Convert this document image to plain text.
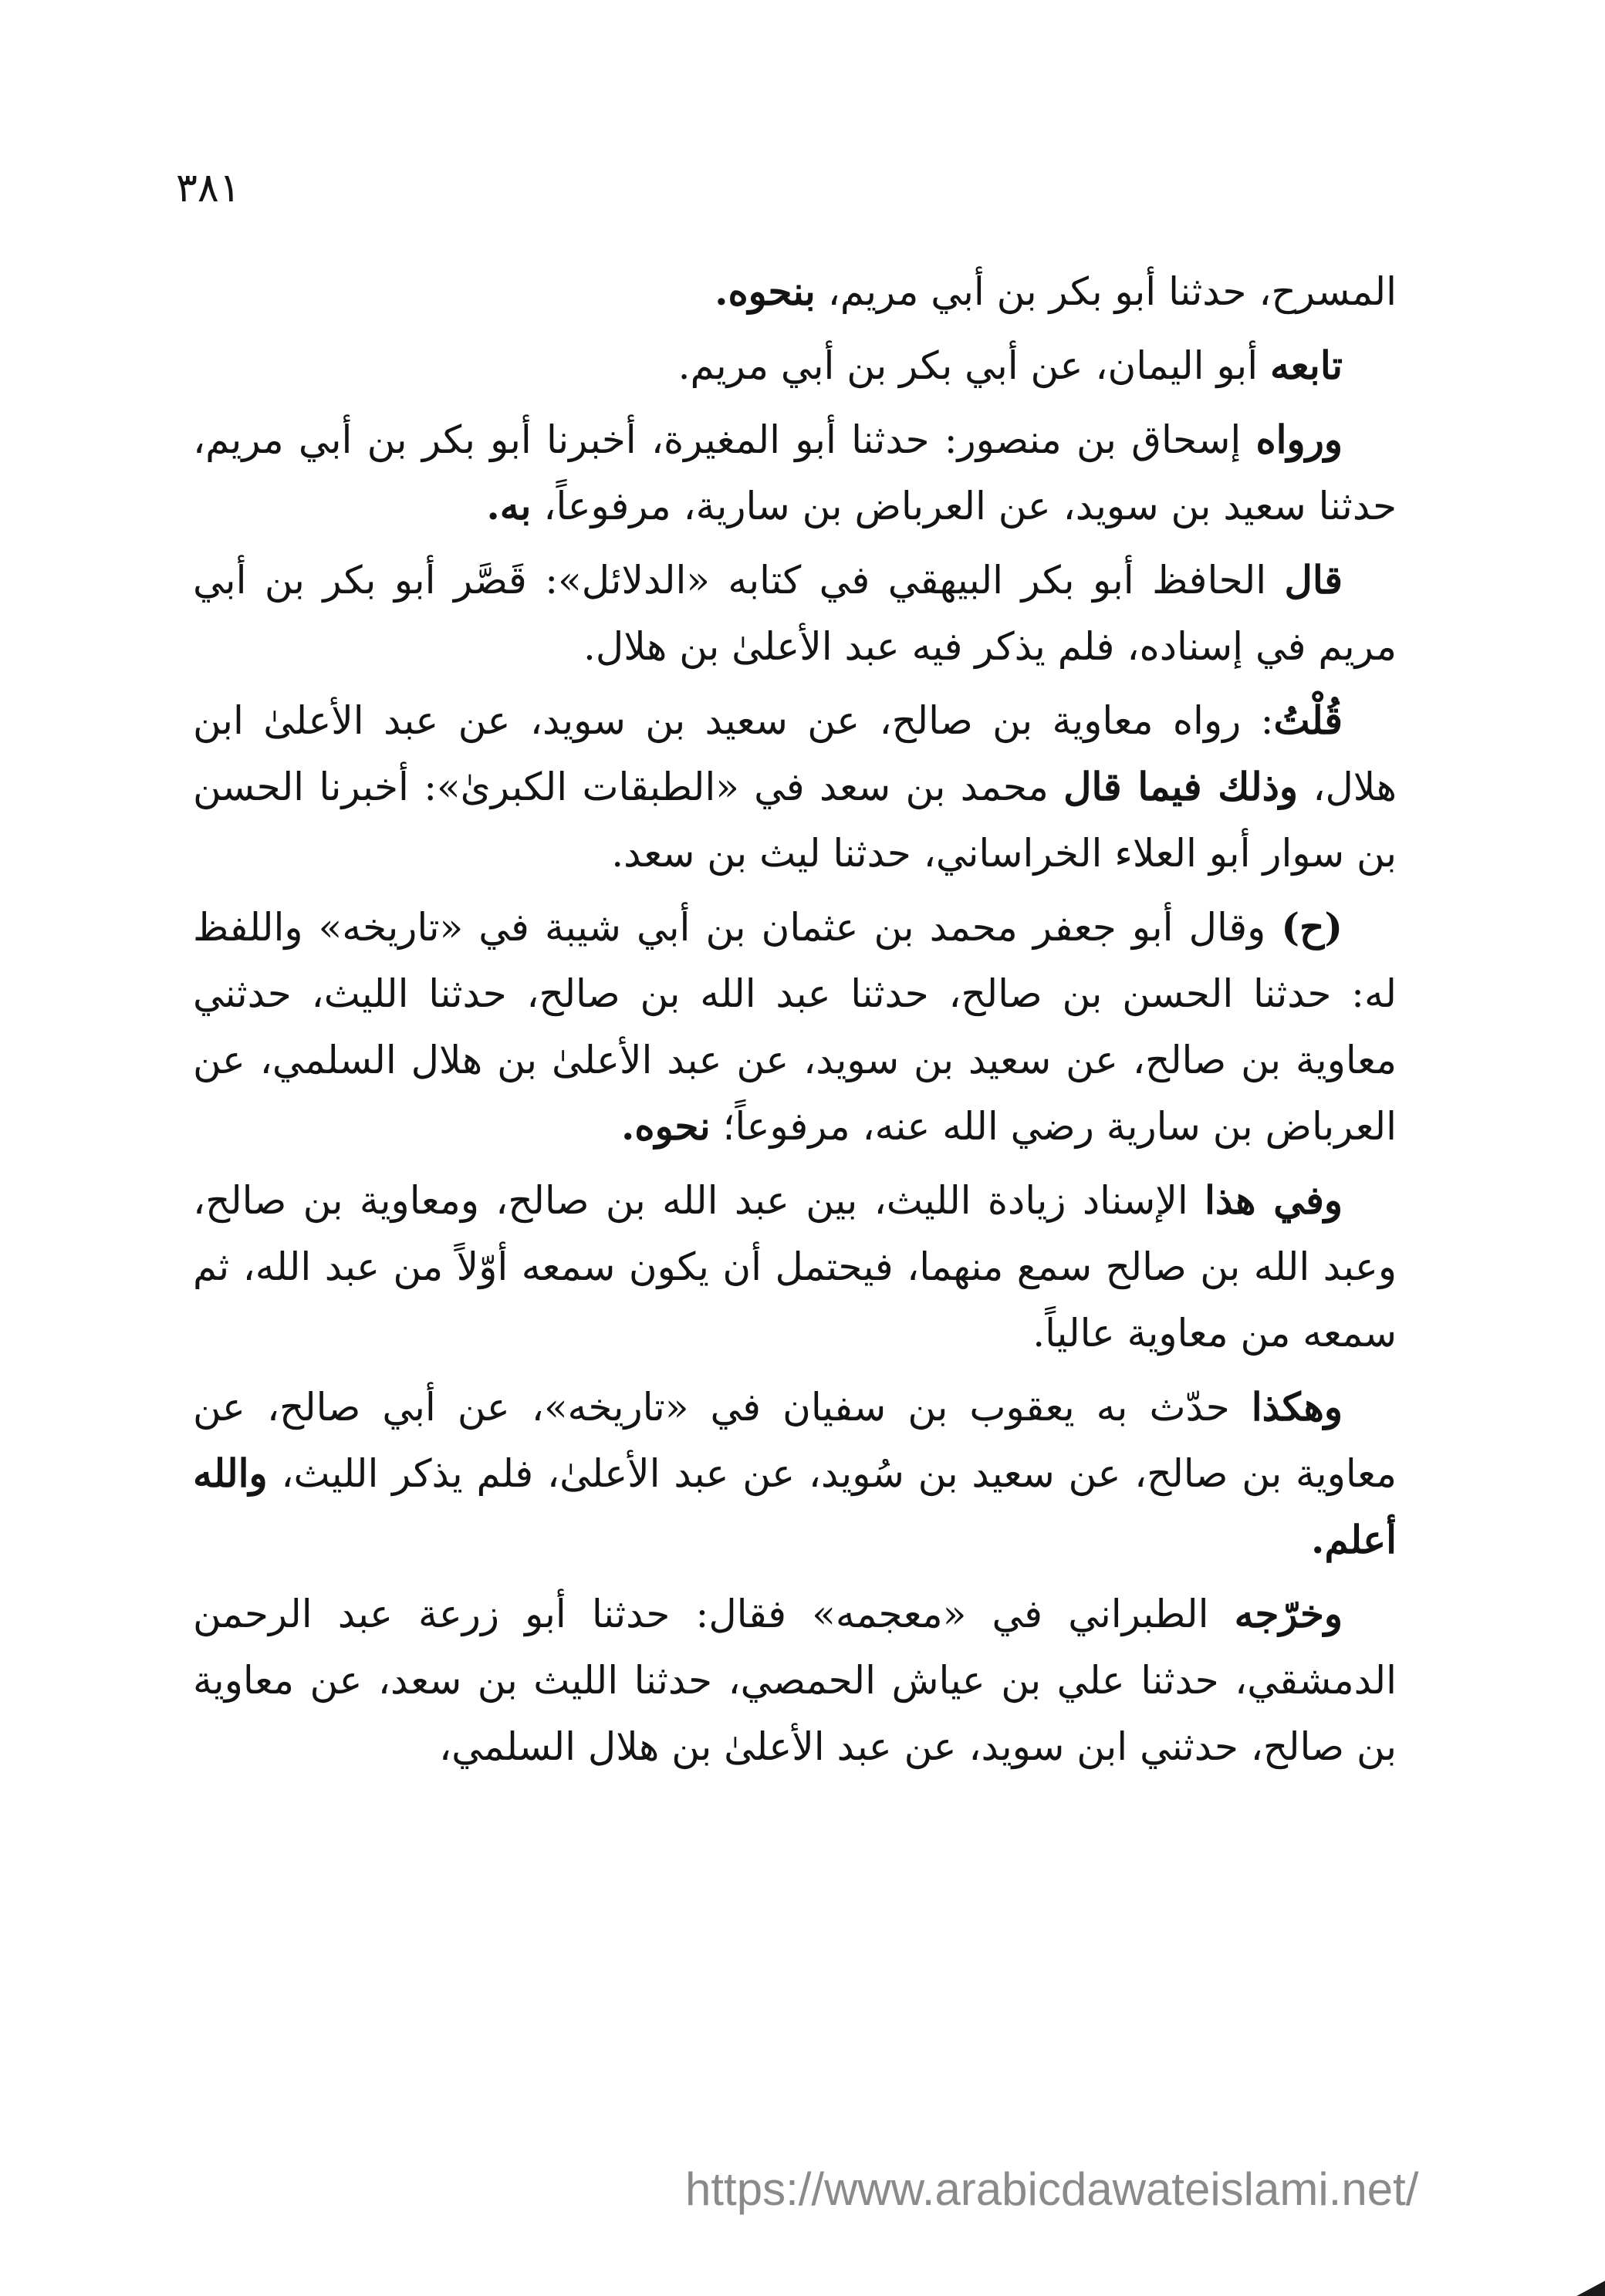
٣٨١

المسرح، حدثنا أبو بكر بن أبي مريم، بنحوه.

تابعه أبو اليمان، عن أبي بكر بن أبي مريم.

ورواه إسحاق بن منصور: حدثنا أبو المغيرة، أخبرنا أبو بكر بن أبي مريم، حدثنا سعيد بن سويد، عن العرباض بن سارية، مرفوعاً، به.

قال الحافظ أبو بكر البيهقي في كتابه «الدلائل»: قَصَّر أبو بكر بن أبي مريم في إسناده، فلم يذكر فيه عبد الأعلىٰ بن هلال.

قُلْتُ: رواه معاوية بن صالح، عن سعيد بن سويد، عن عبد الأعلىٰ ابن هلال، وذلك فيما قال محمد بن سعد في «الطبقات الكبرىٰ»: أخبرنا الحسن بن سوار أبو العلاء الخراساني، حدثنا ليث بن سعد.

(ح) وقال أبو جعفر محمد بن عثمان بن أبي شيبة في «تاريخه» واللفظ له: حدثنا الحسن بن صالح، حدثنا عبد الله بن صالح، حدثنا الليث، حدثني معاوية بن صالح، عن سعيد بن سويد، عن عبد الأعلىٰ بن هلال السلمي، عن العرباض بن سارية رضي الله عنه، مرفوعاً؛ نحوه.

وفي هذا الإسناد زيادة الليث، بين عبد الله بن صالح، ومعاوية بن صالح، وعبد الله بن صالح سمع منهما، فيحتمل أن يكون سمعه أوّلاً من عبد الله، ثم سمعه من معاوية عالياً.

وهكذا حدّث به يعقوب بن سفيان في «تاريخه»، عن أبي صالح، عن معاوية بن صالح، عن سعيد بن سُويد، عن عبد الأعلىٰ، فلم يذكر الليث، والله أعلم.

وخرّجه الطبراني في «معجمه» فقال: حدثنا أبو زرعة عبد الرحمن الدمشقي، حدثنا علي بن عياش الحمصي، حدثنا الليث بن سعد، عن معاوية بن صالح، حدثني ابن سويد، عن عبد الأعلىٰ بن هلال السلمي،

https://www.arabicdawateislami.net/
